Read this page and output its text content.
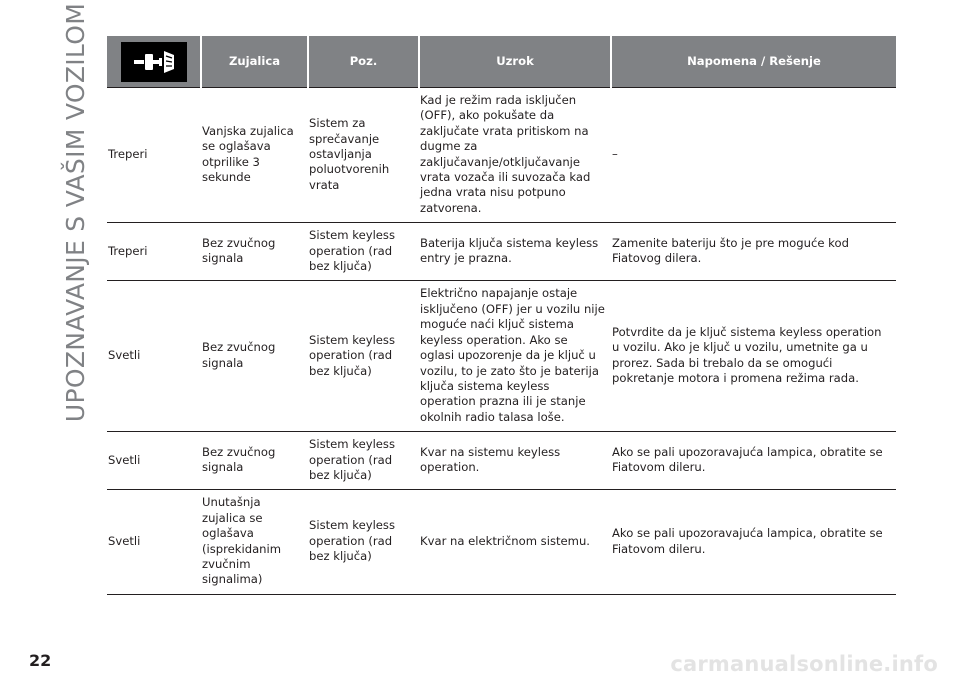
UPOZNAVANJE S VAŠIM VOZILOM
		Zujalica	Poz.	Uzrok	Napomena / Rešenje
Treperi	Vanjska zujalica se oglašava otprilike 3 sekunde	Sistem za sprečavanje ostavljanja poluotvorenih vrata	Kad je režim rada isključen (OFF), ako pokušate da zaključate vrata pritiskom na dugme za zaključavanje/otključavanje vrata vozača ili suvozača kad jedna vrata nisu potpuno zatvorena.	–
Treperi	Bez zvučnog signala	Sistem keyless operation (rad bez ključa)	Baterija ključa sistema keyless entry je prazna.	Zamenite bateriju što je pre moguće kod Fiatovog dilera.
Svetli	Bez zvučnog signala	Sistem keyless operation (rad bez ključa)	Električno napajanje ostaje isključeno (OFF) jer u vozilu nije moguće naći ključ sistema keyless operation. Ako se oglasi upozorenje da je ključ u vozilu, to je zato što je baterija ključa sistema keyless operation prazna ili je stanje okolnih radio talasa loše.	Potvrdite da je ključ sistema keyless operation u vozilu. Ako je ključ u vozilu, umetnite ga u prorez. Sada bi trebalo da se omogući pokretanje motora i promena režima rada.
Svetli	Bez zvučnog signala	Sistem keyless operation (rad bez ključa)	Kvar na sistemu keyless operation.	Ako se pali upozoravajuća lampica, obratite se Fiatovom dileru.
Svetli	Unutašnja zujalica se oglašava (isprekidanim zvučnim signalima)	Sistem keyless operation (rad bez ključa)	Kvar na električnom sistemu.	Ako se pali upozoravajuća lampica, obratite se Fiatovom dileru.
22	carmanualsonline.info
